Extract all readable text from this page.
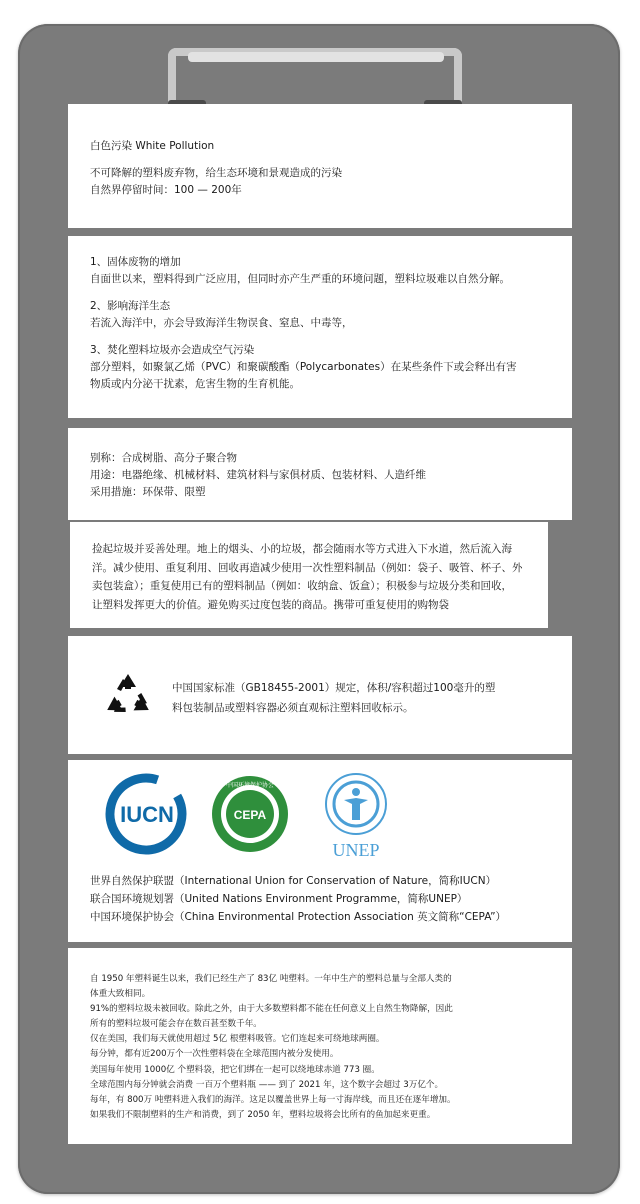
白色污染 White Pollution

不可降解的塑料废弃物，给生态环境和景观造成的污染

自然界停留时间：100 — 200年

1、固体废物的增加

自面世以来，塑料得到广泛应用，但同时亦产生严重的环境问题，塑料垃圾难以自然分解。

2、影响海洋生态

若流入海洋中，亦会导致海洋生物误食、窒息、中毒等，

3、焚化塑料垃圾亦会造成空气污染

部分塑料，如聚氯乙烯（PVC）和聚碳酸酯（Polycarbonates）在某些条件下或会释出有害

物质或内分泌干扰素，危害生物的生育机能。

别称：合成树脂、高分子聚合物

用途：电器绝缘、机械材料、建筑材料与家俱材质、包装材料、人造纤维

采用措施：环保带、限塑

捡起垃圾并妥善处理。地上的烟头、小的垃圾，都会随雨水等方式进入下水道，然后流入海

洋。减少使用、重复利用、回收再造减少使用一次性塑料制品（例如：袋子、吸管、杯子、外

卖包装盒）；重复使用已有的塑料制品（例如：收纳盒、饭盒）；积极参与垃圾分类和回收，

让塑料发挥更大的价值。避免购买过度包装的商品。携带可重复使用的购物袋

中国国家标准（GB18455-2001）规定，体积/容积超过100毫升的塑

料包装制品或塑料容器必须直观标注塑料回收标示。

IUCN	CEPA
中国环境保护协会
UNEP

世界自然保护联盟（International Union for Conservation of Nature，简称IUCN）

联合国环境规划署（United Nations Environment Programme，简称UNEP）

中国环境保护协会（China Environmental Protection Association 英文简称“CEPA”）

自 1950 年塑料诞生以来，我们已经生产了 83亿 吨塑料。一年中生产的塑料总量与全部人类的

体重大致相同。

91%的塑料垃圾未被回收。除此之外，由于大多数塑料都不能在任何意义上自然生物降解，因此

所有的塑料垃圾可能会存在数百甚至数千年。

仅在美国，我们每天就使用超过 5亿 根塑料吸管。它们连起来可绕地球两圈。

每分钟，都有近200万个一次性塑料袋在全球范围内被分发使用。

美国每年使用 1000亿 个塑料袋，把它们绑在一起可以绕地球赤道 773 圈。

全球范围内每分钟就会消费 一百万个塑料瓶 —— 到了 2021 年，这个数字会超过 3万亿个。

每年，有 800万 吨塑料进入我们的海洋。这足以覆盖世界上每一寸海岸线，而且还在逐年增加。

如果我们不限制塑料的生产和消费，到了 2050 年，塑料垃圾将会比所有的鱼加起来更重。
